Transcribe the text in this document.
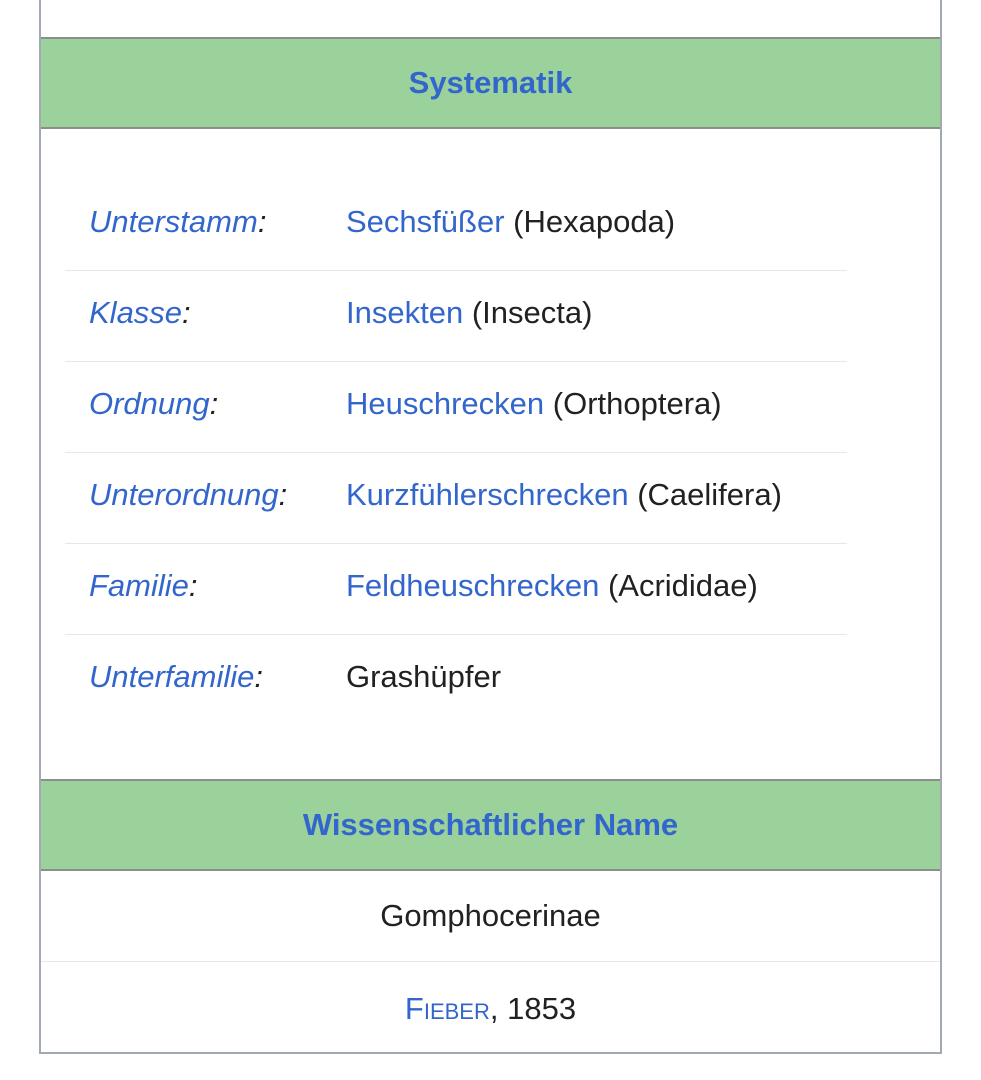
Systematik
Unterstamm:	Sechsfüßer (Hexapoda)
Klasse:	Insekten (Insecta)
Ordnung:	Heuschrecken (Orthoptera)
Unterordnung: Kurzfühlerschrecken (Caelifera)
Familie:	Feldheuschrecken (Acrididae)
Unterfamilie:	Grashüpfer
Wissenschaftlicher Name
Gomphocerinae
Fieber , 1853
